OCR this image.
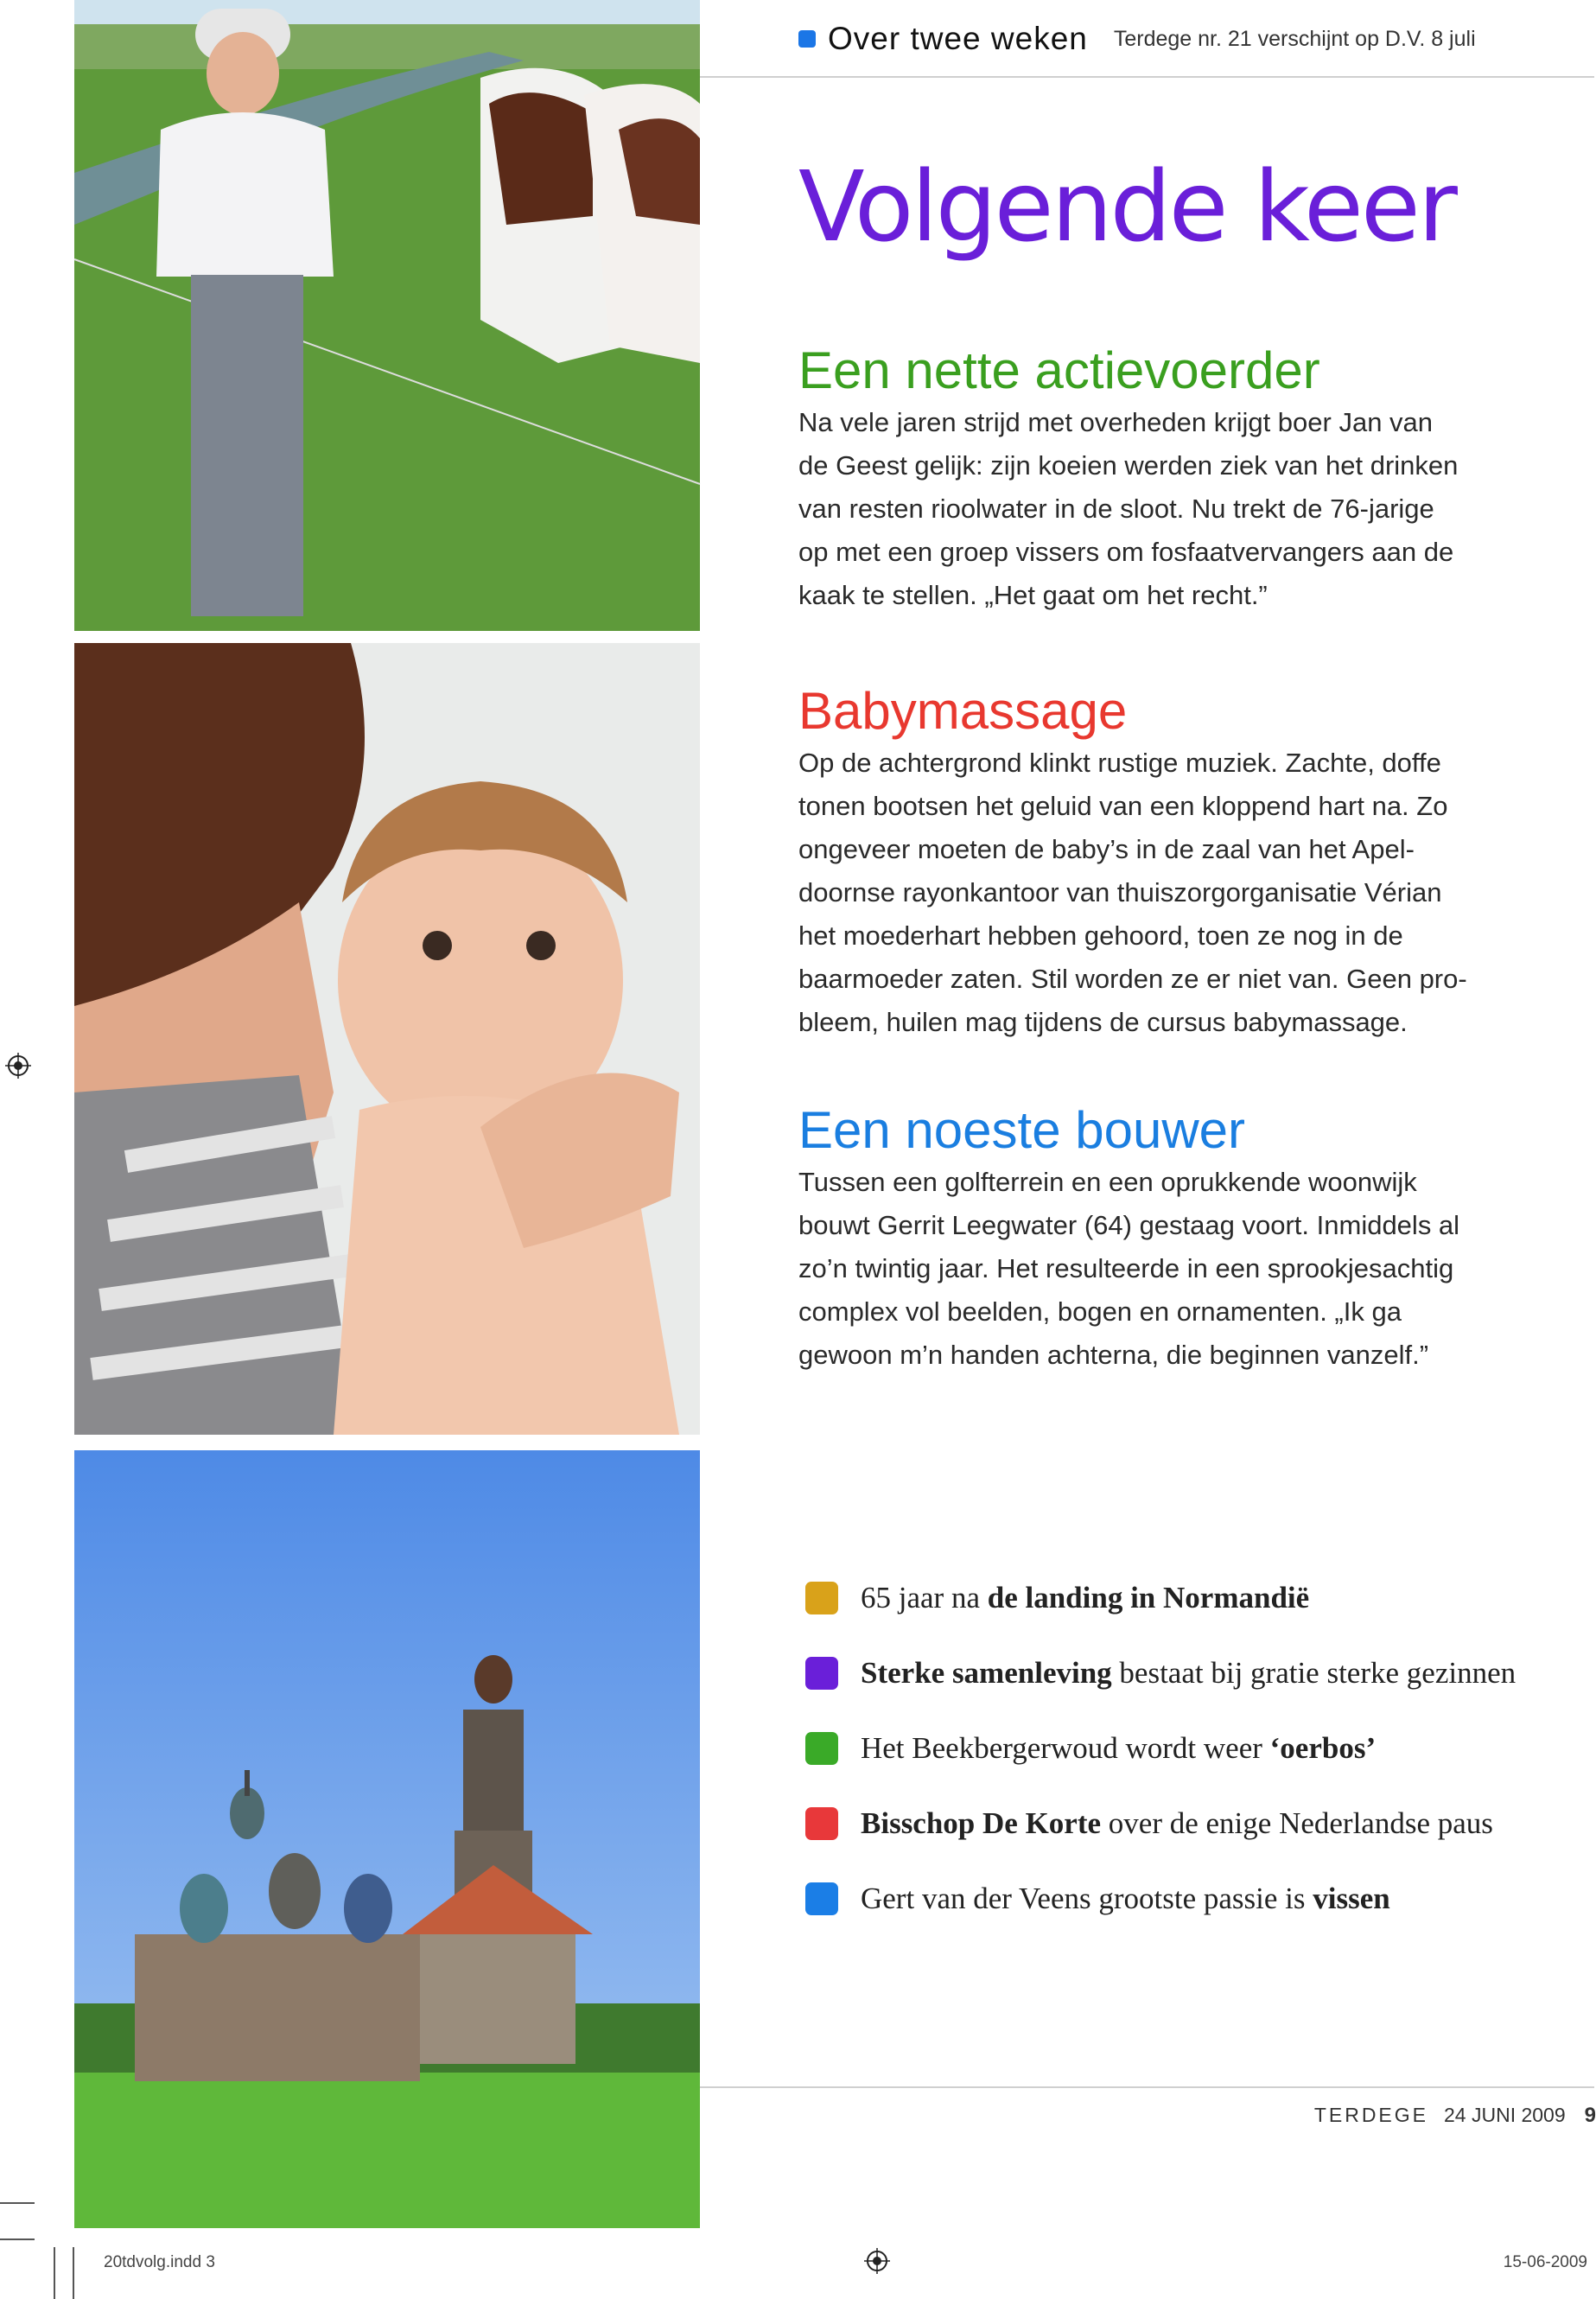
Over twee weken Terdege nr. 21 verschijnt op D.V. 8 juli
Volgende keer
Een nette actievoerder

Na vele jaren strijd met overheden krijgt boer Jan van
de Geest gelijk: zijn koeien werden ziek van het drinken
van resten rioolwater in de sloot. Nu trekt de 76-jarige
op met een groep vissers om fosfaatvervangers aan de
kaak te stellen. „Het gaat om het recht.”

Babymassage

Op de achtergrond klinkt rustige muziek. Zachte, doffe
tonen bootsen het geluid van een kloppend hart na. Zo
ongeveer moeten de baby’s in de zaal van het Apel-
doornse rayonkantoor van thuiszorgorganisatie Vérian
het moederhart hebben gehoord, toen ze nog in de
baarmoeder zaten. Stil worden ze er niet van. Geen pro-
bleem, huilen mag tijdens de cursus babymassage.

Een noeste bouwer

Tussen een golfterrein en een oprukkende woonwijk
bouwt Gerrit Leegwater (64) gestaag voort. Inmiddels al
zo’n twintig jaar. Het resulteerde in een sprookjesachtig
complex vol beelden, bogen en ornamenten. „Ik ga
gewoon m’n handen achterna, die beginnen vanzelf.”

65 jaar na de landing in Normandië
Sterke samenleving bestaat bij gratie sterke gezinnen
Het Beekbergerwoud wordt weer ‘oerbos’
Bisschop De Korte over de enige Nederlandse paus
Gert van der Veens grootste passie is vissen
TERDEGE 24 JUNI 2009 9
20tdvolg.indd 3	15-06-2009
